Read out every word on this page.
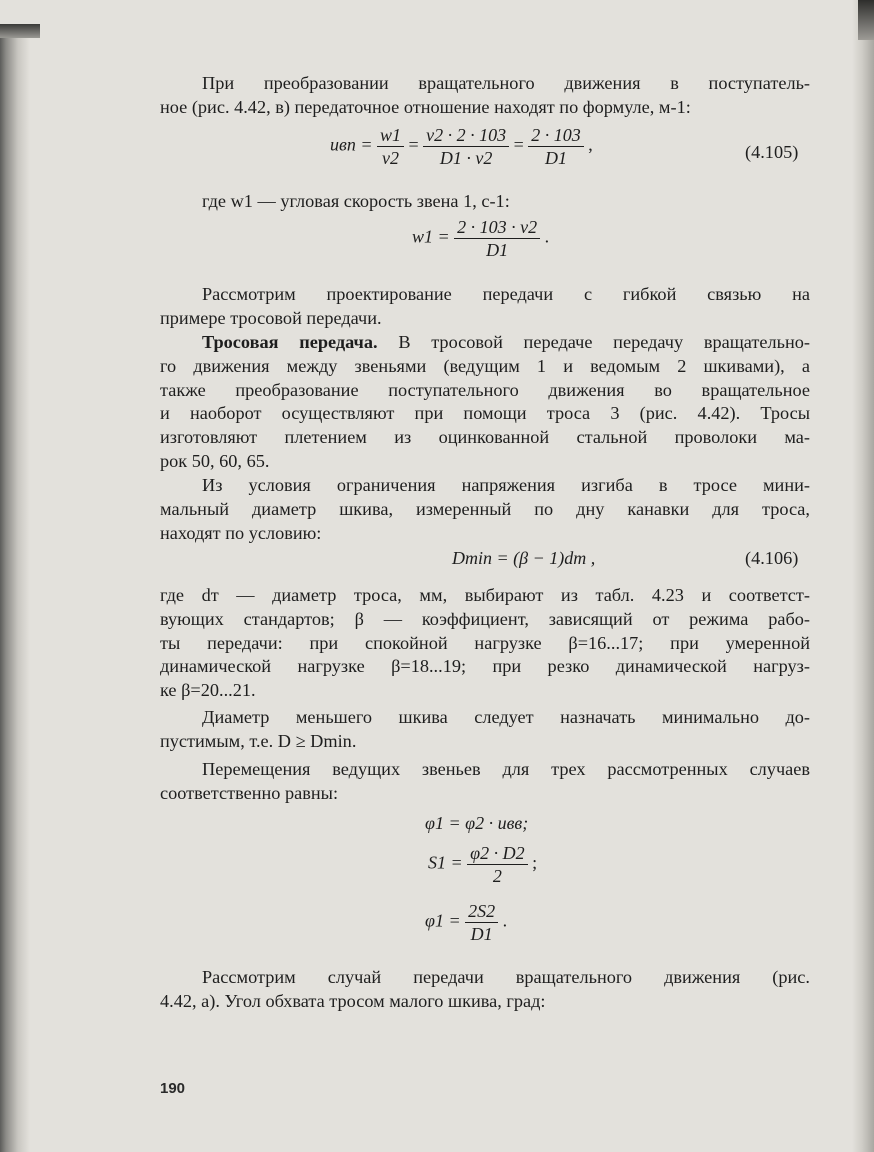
При преобразовании вращательного движения в поступатель-
ное (рис. 4.42, в) передаточное отношение находят по формуле, м-1:
uвп = $\frac{w1}{v2} = \frac{v2 \cdot 2 \cdot 103}{D1 \cdot v2} = \frac{2 \cdot 103}{D1}$ ,	(4.105)
где w1 — угловая скорость звена 1, с-1:
$w1 = \frac{2 \cdot 103 \cdot v2}{D1}$ .
Рассмотрим проектирование передачи с гибкой связью на
примере тросовой передачи.
Тросовая передача. В тросовой передаче передачу вращательно-
го движения между звеньями (ведущим 1 и ведомым 2 шкивами), а
также преобразование поступательного движения во вращательное
и наоборот осуществляют при помощи троса 3 (рис. 4.42). Тросы
изготовляют плетением из оцинкованной стальной проволоки ма-
рок 50, 60, 65.
Из условия ограничения напряжения изгиба в тросе мини-
мальный диаметр шкива, измеренный по дну канавки для троса,
находят по условию:
Dmin = (β − 1)dт ,	(4.106)
где dт — диаметр троса, мм, выбирают из табл. 4.23 и соответст-
вующих стандартов; β — коэффициент, зависящий от режима рабо-
ты передачи: при спокойной нагрузке β=16...17; при умеренной
динамической нагрузке β=18...19; при резко динамической нагруз-
ке β=20...21.
Диаметр меньшего шкива следует назначать минимально до-
пустимым, т.е. D ≥ Dmin.
Перемещения ведущих звеньев для трех рассмотренных случаев
соответственно равны:
φ1 = φ2 · uвв;
$S1 = \frac{\varphi 2 \cdot D2}{2}$ ;
$\varphi 1 = \frac{2S2}{D1}$ .
Рассмотрим случай передачи вращательного движения (рис.
4.42, а). Угол обхвата тросом малого шкива, град:
190
